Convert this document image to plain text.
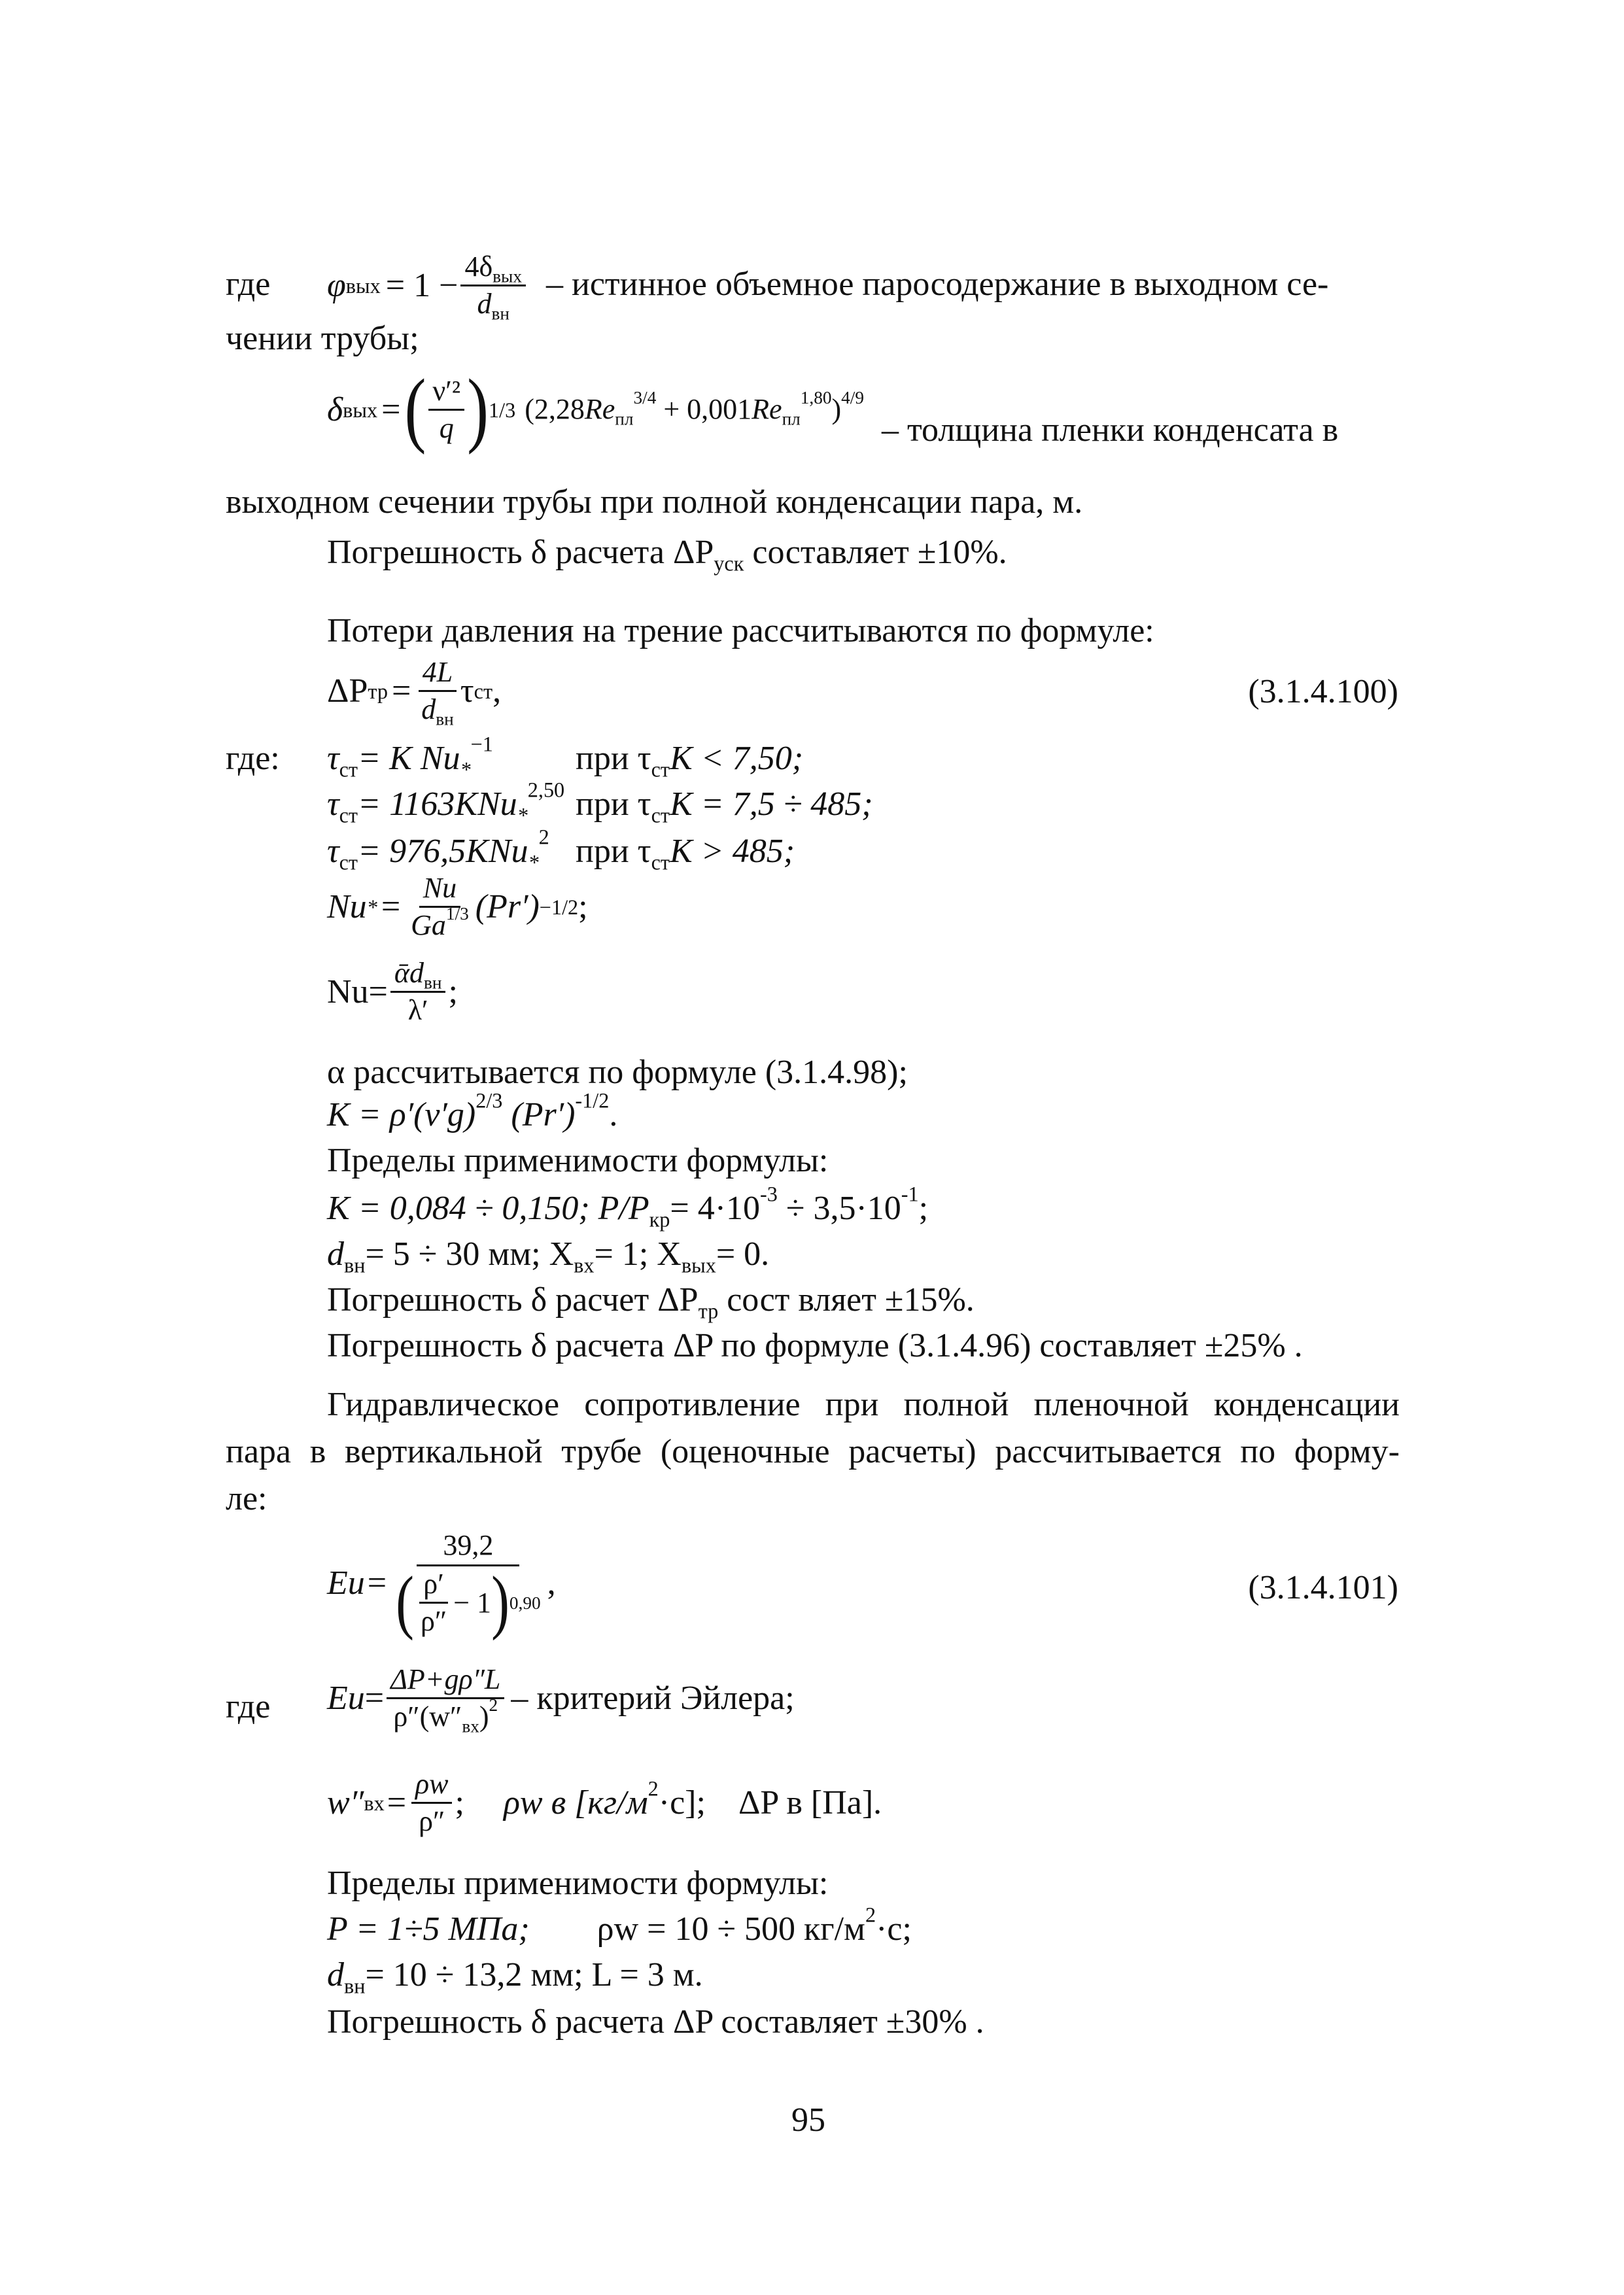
где φ вых = $1 - \frac{4\delta_{вых}}{d_{вн}}$ – истинное объемное паросодержание в выходном се-
чении трубы;
δ вых = ( $\frac{\text{ν′²}}{q}$ ) 1/3 $(2,28Re_{пл}^{3/4} + 0,001Re_{пл}^{1,80})^{4/9}$
– толщина пленки конденсата в
выходном сечении трубы при полной конденсации пара, м.
Погрешность δ расчета $\Delta P_{уск}$ составляет ±10%.
Потери давления на трение рассчитываются по формуле:
ΔP тр = $\frac{4L}{d_{вн}}$ τ ст ,	(3.1.4.100)
где: $\tau_{ст}= K$ $Nu_*^{-1}$ при $\tau_{ст}K < 7,50$;
$\tau_{ст}= 1163KNu_*^{2,50}$ при $\tau_{ст}K = 7,5 \div 485$;
$\tau_{ст}= 976,5KNu_*^2$ при $\tau_{ст}K > 485$;
Nu * = $\frac{Nu}{Ga^{1/3}} (Pr') -1/2$ ;
$Nu= \frac{ᾱd_{вн}}{\lambda'}$ ;
α рассчитывается по формуле (3.1.4.98);
$K = \rho'(\nu'g)^{2/3}$ $(Pr')^{-1/2}$.
Пределы применимости формулы:
K = 0,084 ÷ 0,150; $P/P_{кр}= 4\cdot 10^{-3} \div 3,5\cdot 10^{-1}$;
$d_{вн}= 5 \div 30$ мм; $X_{вх}= 1$; $X_{вых}= 0$.
Погрешность δ расчет $\Delta P_{тр}$ сост вляет ±15%.
Погрешность δ расчета ΔP по формуле (3.1.4.96) составляет ±25% .
Гидравлическое сопротивление при полной пленочной конденсации
пара в вертикальной трубе (оценочные расчеты) рассчитывается по форму-
ле:
$Eu = \frac{39,2}{( \frac{\rho'}{\rho''} - 1 ) 0,90}$ ,	(3.1.4.101)
где $Eu = \frac{\Delta P+g\rho''L}{\rho''(w''_{вх})^2}$ – критерий Эйлера;
w″ вх = $\frac{\rho w}{\rho''}$ ; ρw в $[кг/м^2\cdot с]$; ΔP в [Па].
Пределы применимости формулы:
P = 1÷5 МПа; ρw = 10 ÷ 500 $кг/м^2\cdot с$;
$d_{вн}= 10 \div 13,2$ мм; L = 3 м.
Погрешность δ расчета ΔP составляет ±30% .
95
